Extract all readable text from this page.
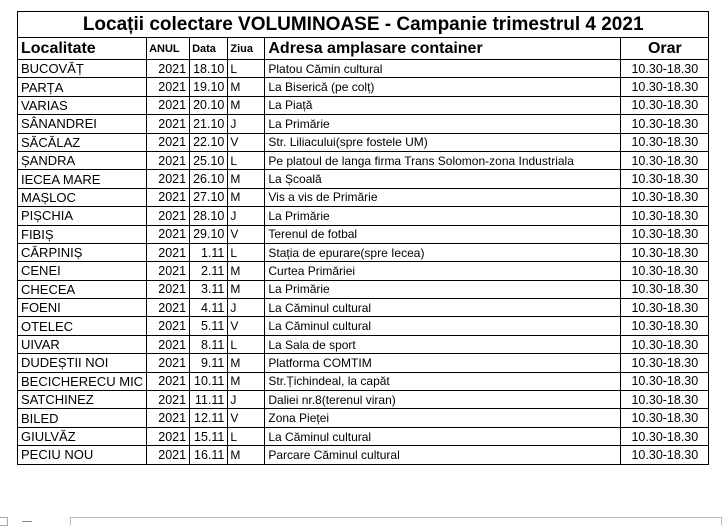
Locații colectare VOLUMINOASE - Campanie trimestrul 4 2021					
Localitate	ANUL	Data	Ziua	Adresa amplasare container	Orar
BUCOVĂȚ	2021	18.10	L	Platou Cămin cultural	10.30-18.30
PARȚA	2021	19.10	M	La Biserică (pe colț)	10.30-18.30
VARIAS	2021	20.10	M	La Piață	10.30-18.30
SÂNANDREI	2021	21.10	J	La Primărie	10.30-18.30
SĂCĂLAZ	2021	22.10	V	Str. Liliacului(spre fostele UM)	10.30-18.30
ȘANDRA	2021	25.10	L	Pe platoul de langa firma Trans Solomon-zona Industriala	10.30-18.30
IECEA MARE	2021	26.10	M	La Școală	10.30-18.30
MAȘLOC	2021	27.10	M	Vis a vis de Primărie	10.30-18.30
PIȘCHIA	2021	28.10	J	La Primărie	10.30-18.30
FIBIȘ	2021	29.10	V	Terenul de fotbal	10.30-18.30
CĂRPINIȘ	2021	1.11	L	Stația de epurare(spre Iecea)	10.30-18.30
CENEI	2021	2.11	M	Curtea Primăriei	10.30-18.30
CHECEA	2021	3.11	M	La Primărie	10.30-18.30
FOENI	2021	4.11	J	La Căminul cultural	10.30-18.30
OTELEC	2021	5.11	V	La Căminul cultural	10.30-18.30
UIVAR	2021	8.11	L	La Sala de sport	10.30-18.30
DUDEȘTII NOI	2021	9.11	M	Platforma COMTIM	10.30-18.30
BECICHERECU MIC	2021	10.11	M	Str.Țichindeal, la capăt	10.30-18.30
SATCHINEZ	2021	11.11	J	Daliei nr.8(terenul viran)	10.30-18.30
BILED	2021	12.11	V	Zona Pieței	10.30-18.30
GIULVĂZ	2021	15.11	L	La Căminul cultural	10.30-18.30
PECIU NOU	2021	16.11	M	Parcare Căminul cultural	10.30-18.30
